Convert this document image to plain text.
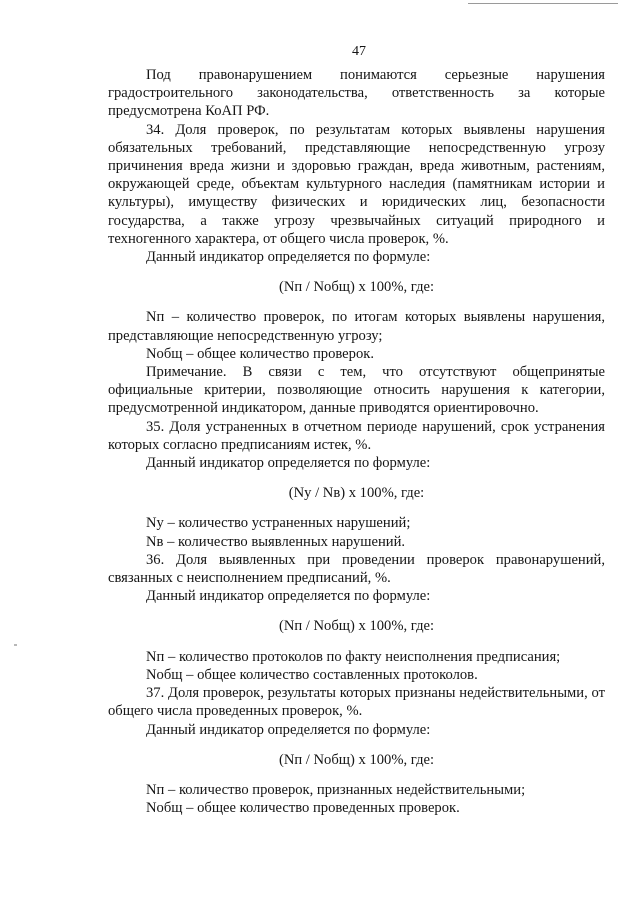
47

Под правонарушением понимаются серьезные нарушения градостроительного законодательства, ответственность за которые предусмотрена КоАП РФ.

34. Доля проверок, по результатам которых выявлены нарушения обязательных требований, представляющие непосредственную угрозу причинения вреда жизни и здоровью граждан, вреда животным, растениям, окружающей среде, объектам культурного наследия (памятникам истории и культуры), имуществу физических и юридических лиц, безопасности государства, а также угрозу чрезвычайных ситуаций природного и техногенного характера, от общего числа проверок, %.

Данный индикатор определяется по формуле:

(Nп / Nобщ) х 100%, где:

Nп – количество проверок, по итогам которых выявлены нарушения, представляющие непосредственную угрозу;

Nобщ – общее количество проверок.

Примечание. В связи с тем, что отсутствуют общепринятые официальные критерии, позволяющие относить нарушения к категории, предусмотренной индикатором, данные приводятся ориентировочно.

35. Доля устраненных в отчетном периоде нарушений, срок устранения которых согласно предписаниям истек, %.

Данный индикатор определяется по формуле:

(Nу / Nв) х 100%, где:

Nу – количество устраненных нарушений;

Nв – количество выявленных нарушений.

36. Доля выявленных при проведении проверок правонарушений, связанных с неисполнением предписаний, %.

Данный индикатор определяется по формуле:

(Nп / Nобщ) х 100%, где:

Nп – количество протоколов по факту неисполнения предписания;

Nобщ – общее количество составленных протоколов.

37. Доля проверок, результаты которых признаны недействительными, от общего числа проведенных проверок, %.

Данный индикатор определяется по формуле:

(Nп / Nобщ) х 100%, где:

Nп – количество проверок, признанных недействительными;

Nобщ – общее количество проведенных проверок.
